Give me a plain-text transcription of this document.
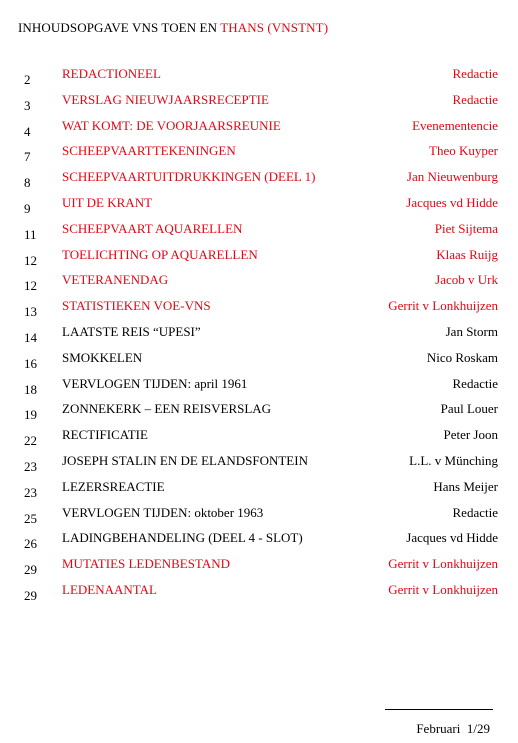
INHOUDSOPGAVE VNS TOEN EN THANS (VNSTNT)
2 REDACTIONEEL	Redactie
3 VERSLAG NIEUWJAARSRECEPTIE	Redactie
4 WAT KOMT: DE VOORJAARSREUNIE	Evenementencie
7 SCHEEPVAARTTEKENINGEN	Theo Kuyper
8 SCHEEPVAARTUITDRUKKINGEN (DEEL 1)	Jan Nieuwenburg
9 UIT DE KRANT	Jacques vd Hidde
11 SCHEEPVAART AQUARELLEN	Piet Sijtema
12 TOELICHTING OP AQUARELLEN	Klaas Ruijg
12 VETERANENDAG	Jacob v Urk
13 STATISTIEKEN VOE-VNS	Gerrit v Lonkhuijzen
14 LAATSTE REIS “UPESI”	Jan Storm
16 SMOKKELEN	Nico Roskam
18 VERVLOGEN TIJDEN: april 1961	Redactie
19 ZONNEKERK – EEN REISVERSLAG	Paul Louer
22 RECTIFICATIE	Peter Joon
23 JOSEPH STALIN EN DE ELANDSFONTEIN	L.L. v Münching
23 LEZERSREACTIE	Hans Meijer
25 VERVLOGEN TIJDEN: oktober 1963	Redactie
26 LADINGBEHANDELING (DEEL 4 - SLOT)	Jacques vd Hidde
29 MUTATIES LEDENBESTAND	Gerrit v Lonkhuijzen
29 LEDENAANTAL	Gerrit v Lonkhuijzen
Februari 1/29
